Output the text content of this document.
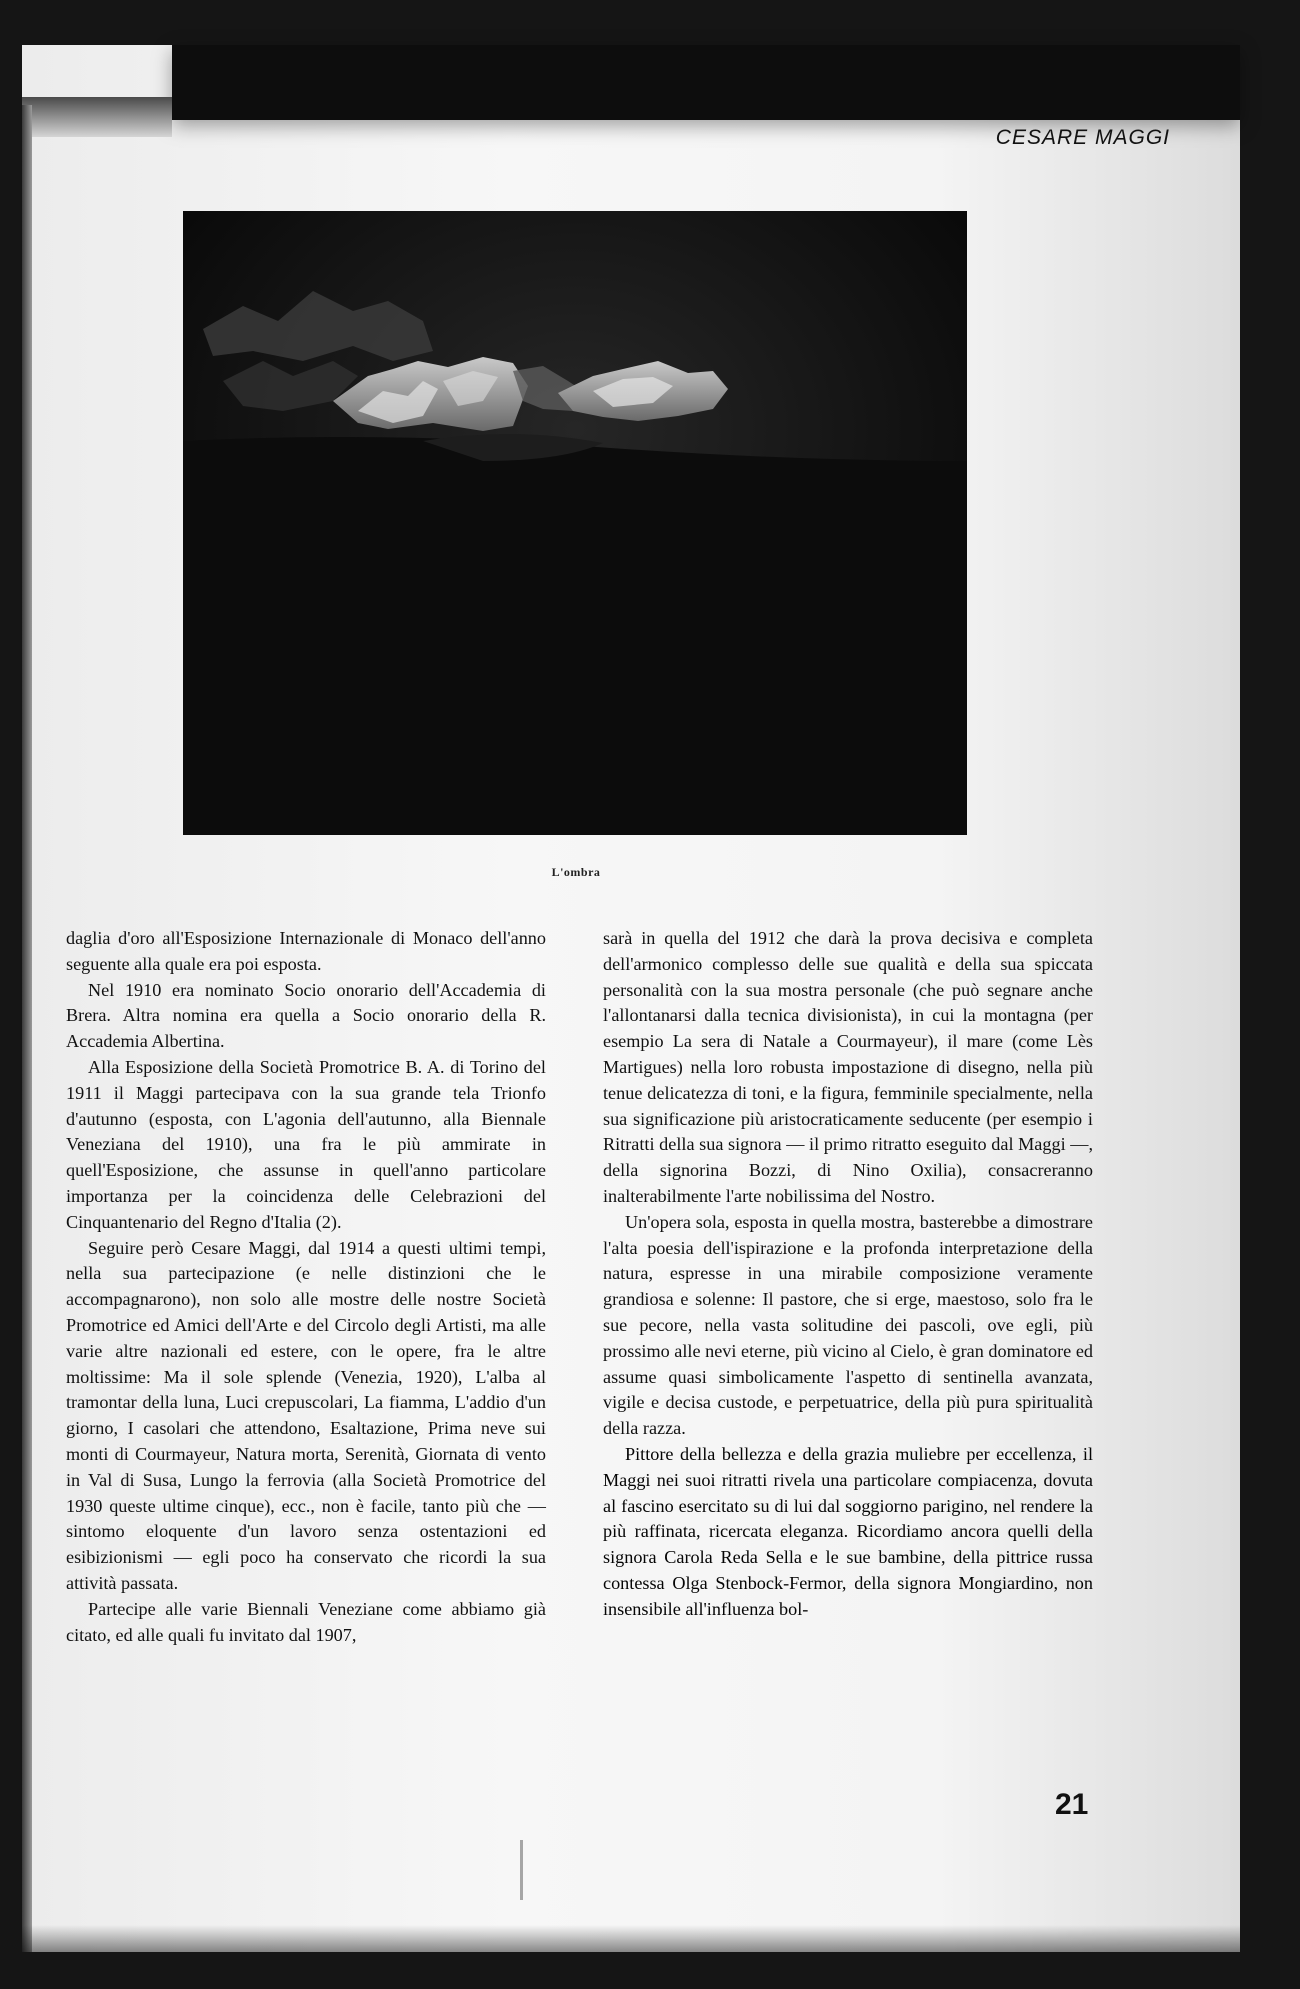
CESARE MAGGI
L'ombra

daglia d'oro all'Esposizione Internazionale di Monaco dell'anno seguente alla quale era poi esposta.

Nel 1910 era nominato Socio onorario dell'Accademia di Brera. Altra nomina era quella a Socio onorario della R. Accademia Albertina.

Alla Esposizione della Società Promotrice B. A. di Torino del 1911 il Maggi partecipava con la sua grande tela Trionfo d'autunno (esposta, con L'agonia dell'autunno, alla Biennale Veneziana del 1910), una fra le più ammirate in quell'Esposizione, che assunse in quell'anno particolare importanza per la coincidenza delle Celebrazioni del Cinquantenario del Regno d'Italia (2).

Seguire però Cesare Maggi, dal 1914 a questi ultimi tempi, nella sua partecipazione (e nelle distinzioni che le accompagnarono), non solo alle mostre delle nostre Società Promotrice ed Amici dell'Arte e del Circolo degli Artisti, ma alle varie altre nazionali ed estere, con le opere, fra le altre moltissime: Ma il sole splende (Venezia, 1920), L'alba al tramontar della luna, Luci crepuscolari, La fiamma, L'addio d'un giorno, I casolari che attendono, Esaltazione, Prima neve sui monti di Courmayeur, Natura morta, Serenità, Giornata di vento in Val di Susa, Lungo la ferrovia (alla Società Promotrice del 1930 queste ultime cinque), ecc., non è facile, tanto più che — sintomo eloquente d'un lavoro senza ostentazioni ed esibizionismi — egli poco ha conservato che ricordi la sua attività passata.

Partecipe alle varie Biennali Veneziane come abbiamo già citato, ed alle quali fu invitato dal 1907,

sarà in quella del 1912 che darà la prova decisiva e completa dell'armonico complesso delle sue qualità e della sua spiccata personalità con la sua mostra personale (che può segnare anche l'allontanarsi dalla tecnica divisionista), in cui la montagna (per esempio La sera di Natale a Courmayeur), il mare (come Lès Martigues) nella loro robusta impostazione di disegno, nella più tenue delicatezza di toni, e la figura, femminile specialmente, nella sua significazione più aristocraticamente seducente (per esempio i Ritratti della sua signora — il primo ritratto eseguito dal Maggi —, della signorina Bozzi, di Nino Oxilia), consacreranno inalterabilmente l'arte nobilissima del Nostro.

Un'opera sola, esposta in quella mostra, basterebbe a dimostrare l'alta poesia dell'ispirazione e la profonda interpretazione della natura, espresse in una mirabile composizione veramente grandiosa e solenne: Il pastore, che si erge, maestoso, solo fra le sue pecore, nella vasta solitudine dei pascoli, ove egli, più prossimo alle nevi eterne, più vicino al Cielo, è gran dominatore ed assume quasi simbolicamente l'aspetto di sentinella avanzata, vigile e decisa custode, e perpetuatrice, della più pura spiritualità della razza.

Pittore della bellezza e della grazia muliebre per eccellenza, il Maggi nei suoi ritratti rivela una particolare compiacenza, dovuta al fascino esercitato su di lui dal soggiorno parigino, nel rendere la più raffinata, ricercata eleganza. Ricordiamo ancora quelli della signora Carola Reda Sella e le sue bambine, della pittrice russa contessa Olga Stenbock-Fermor, della signora Mongiardino, non insensibile all'influenza bol-

21
